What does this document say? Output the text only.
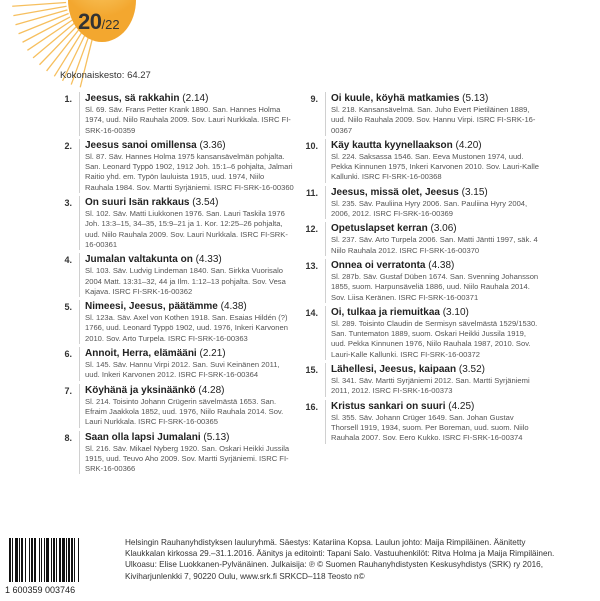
20/22
Kokonaiskesto: 64.27
1. Jeesus, sä rakkahin (2.14)
Sl. 69. Säv. Frans Petter Krank 1890. San. Hannes Holma 1974, uud. Niilo Rauhala 2009. Sov. Lauri Nurkkala. ISRC FI-SRK-16-00359
2. Jeesus sanoi omillensa (3.36)
Sl. 87. Säv. Hannes Holma 1975 kansansävelmän pohjalta. San. Leonard Typpö 1902, 1912 Joh. 15:1–6 pohjalta, Jalmari Raitio yhd. em. Typön lauluista 1915, uud. 1974, Niilo Rauhala 1984. Sov. Martti Syrjäniemi. ISRC FI-SRK-16-00360
3. On suuri Isän rakkaus (3.54)
Sl. 102. Säv. Matti Liukkonen 1976. San. Lauri Taskila 1976 Joh. 13:3–15, 34–35, 15:9–21 ja 1. Kor. 12:25–26 pohjalta, uud. Niilo Rauhala 2009. Sov. Lauri Nurkkala. ISRC FI-SRK-16-00361
4. Jumalan valtakunta on (4.33)
Sl. 103. Säv. Ludvig Lindeman 1840. San. Sirkka Vuorisalo 2004 Matt. 13:31–32, 44 ja Ilm. 1:12–13 pohjalta. Sov. Vesa Kajava. ISRC FI-SRK-16-00362
5. Nimeesi, Jeesus, päätämme (4.38)
Sl. 123a. Säv. Axel von Kothen 1918. San. Esaias Hildén (?) 1766, uud. Leonard Typpö 1902, uud. 1976, Inkeri Karvonen 2010. Sov. Arto Turpela. ISRC FI-SRK-16-00363
6. Annoit, Herra, elämääni (2.21)
Sl. 145. Säv. Hannu Virpi 2012. San. Suvi Keinänen 2011, uud. Inkeri Karvonen 2012. ISRC FI-SRK-16-00364
7. Köyhänä ja yksinäänkö (4.28)
Sl. 214. Toisinto Johann Crügerin sävelmästä 1653. San. Efraim Jaakkola 1852, uud. 1976, Niilo Rauhala 2014. Sov. Lauri Nurkkala. ISRC FI-SRK-16-00365
8. Saan olla lapsi Jumalani (5.13)
Sl. 216. Säv. Mikael Nyberg 1920. San. Oskari Heikki Jussila 1915, uud. Teuvo Aho 2009. Sov. Martti Syrjäniemi. ISRC FI-SRK-16-00366
9. Oi kuule, köyhä matkamies (5.13)
Sl. 218. Kansansävelmä. San. Juho Evert Pietiläinen 1889, uud. Niilo Rauhala 2009. Sov. Hannu Virpi. ISRC FI-SRK-16-00367
10. Käy kautta kyynellaakson (4.20)
Sl. 224. Saksassa 1546. San. Eeva Mustonen 1974, uud. Pekka Kinnunen 1975, Inkeri Karvonen 2010. Sov. Lauri-Kalle Kallunki. ISRC FI-SRK-16-00368
11. Jeesus, missä olet, Jeesus (3.15)
Sl. 235. Säv. Pauliina Hyry 2006. San. Pauliina Hyry 2004, 2006, 2012. ISRC FI-SRK-16-00369
12. Opetuslapset kerran (3.06)
Sl. 237. Säv. Arto Turpela 2006. San. Matti Jäntti 1997, säk. 4 Niilo Rauhala 2012. ISRC FI-SRK-16-00370
13. Onnea oi verratonta (4.38)
Sl. 287b. Säv. Gustaf Düben 1674. San. Svenning Johansson 1855, suom. Harpunsäveliä 1886, uud. Niilo Rauhala 2014. Sov. Liisa Keränen. ISRC FI-SRK-16-00371
14. Oi, tulkaa ja riemuitkaa (3.10)
Sl. 289. Toisinto Claudin de Sermisyn sävelmästä 1529/1530. San. Tuntematon 1889, suom. Oskari Heikki Jussila 1919, uud. Pekka Kinnunen 1976, Niilo Rauhala 1987, 2010. Sov. Lauri-Kalle Kallunki. ISRC FI-SRK-16-00372
15. Lähellesi, Jeesus, kaipaan (3.52)
Sl. 341. Säv. Martti Syrjäniemi 2012. San. Martti Syrjäniemi 2011, 2012. ISRC FI-SRK-16-00373
16. Kristus sankari on suuri (4.25)
Sl. 355. Säv. Johann Crüger 1649. San. Johan Gustav Thorsell 1919, 1934, suom. Per Boreman, uud. suom. Niilo Rauhala 2007. Sov. Eero Kukko. ISRC FI-SRK-16-00374
1 600359 003746
Helsingin Rauhanyhdistyksen lauluryhmä. Säestys: Katariina Kopsa. Laulun johto: Maija Rimpiläinen. Äänitetty
Klaukkalan kirkossa 29.–31.1.2016. Äänitys ja editointi: Tapani Salo. Vastuuhenkilöt: Ritva Holma ja Maija Rimpiläinen.
Ulkoasu: Elise Luokkanen-Pylvänäinen. Julkaisija: ℗ © Suomen Rauhanyhdistysten Keskusyhdistys (SRK) ry 2016,
Kiviharjunlenkki 7, 90220 Oulu, www.srk.fi SRKCD–118 Teosto n©
